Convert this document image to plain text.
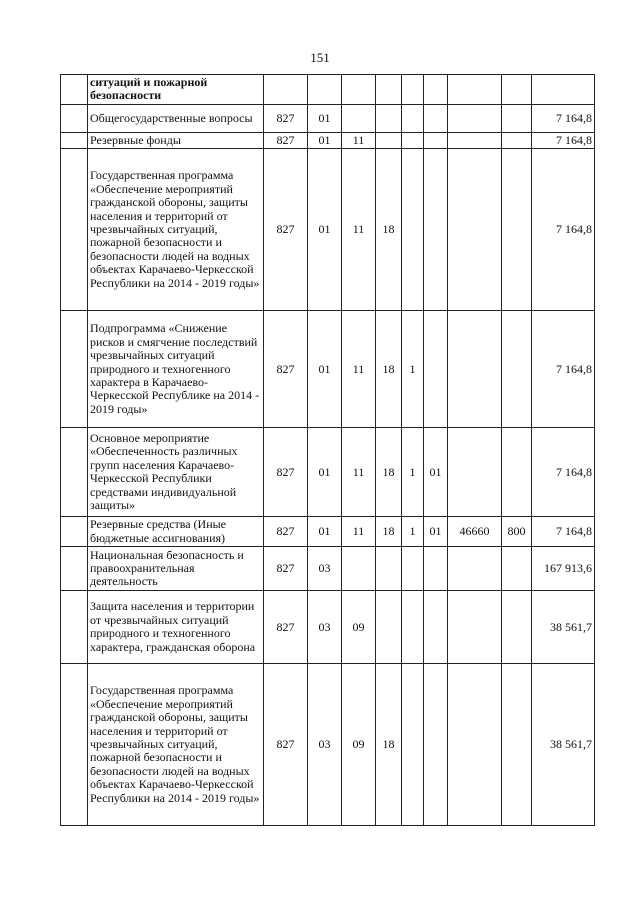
151
	ситуаций и пожарной безопасности									
	Общегосударственные вопросы	827	01							7 164,8
	Резервные фонды	827	01	11						7 164,8
	Государственная программа «Обеспечение мероприятий гражданской обороны, защиты населения и территорий от чрезвычайных ситуаций, пожарной безопасности и безопасности людей на водных объектах Карачаево-Черкесской Республики на 2014 - 2019 годы»	827	01	11	18					7 164,8
	Подпрограмма «Снижение рисков и смягчение последствий чрезвычайных ситуаций природного и техногенного характера в Карачаево-Черкесской Республике на 2014 - 2019 годы»	827	01	11	18	1				7 164,8
	Основное мероприятие «Обеспеченность различных групп населения Карачаево-Черкесской Республики средствами индивидуальной защиты»	827	01	11	18	1	01			7 164,8
	Резервные средства (Иные бюджетные ассигнования)	827	01	11	18	1	01	46660	800	7 164,8
	Национальная безопасность и правоохранительная деятельность	827	03							167 913,6
	Защита населения и территории от чрезвычайных ситуаций природного и техногенного характера, гражданская оборона	827	03	09						38 561,7
	Государственная программа «Обеспечение мероприятий гражданской обороны, защиты населения и территорий от чрезвычайных ситуаций, пожарной безопасности и безопасности людей на водных объектах Карачаево-Черкесской Республики на 2014 - 2019 годы»	827	03	09	18					38 561,7
